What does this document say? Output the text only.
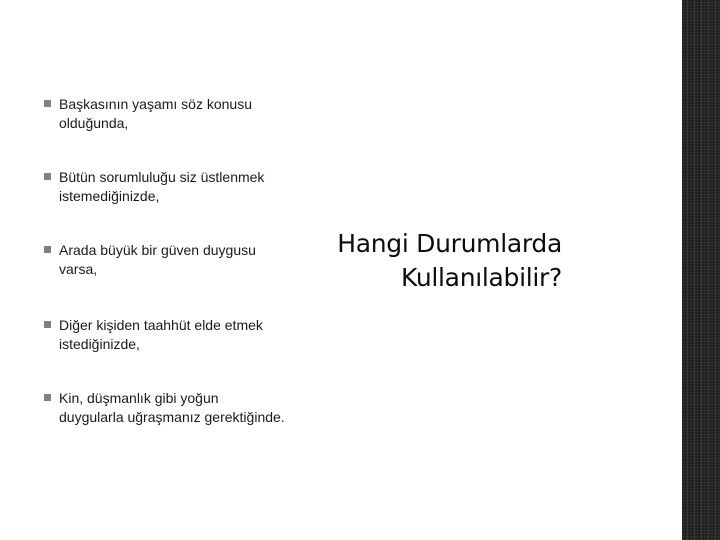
Başkasının yaşamı söz konusu
olduğunda,
Bütün sorumluluğu siz üstlenmek
istemediğinizde,
Arada büyük bir güven duygusu
varsa,
Diğer kişiden taahhüt elde etmek
istediğinizde,
Kin, düşmanlık gibi yoğun
duygularla uğraşmanız gerektiğinde.
Hangi Durumlarda
Kullanılabilir?
